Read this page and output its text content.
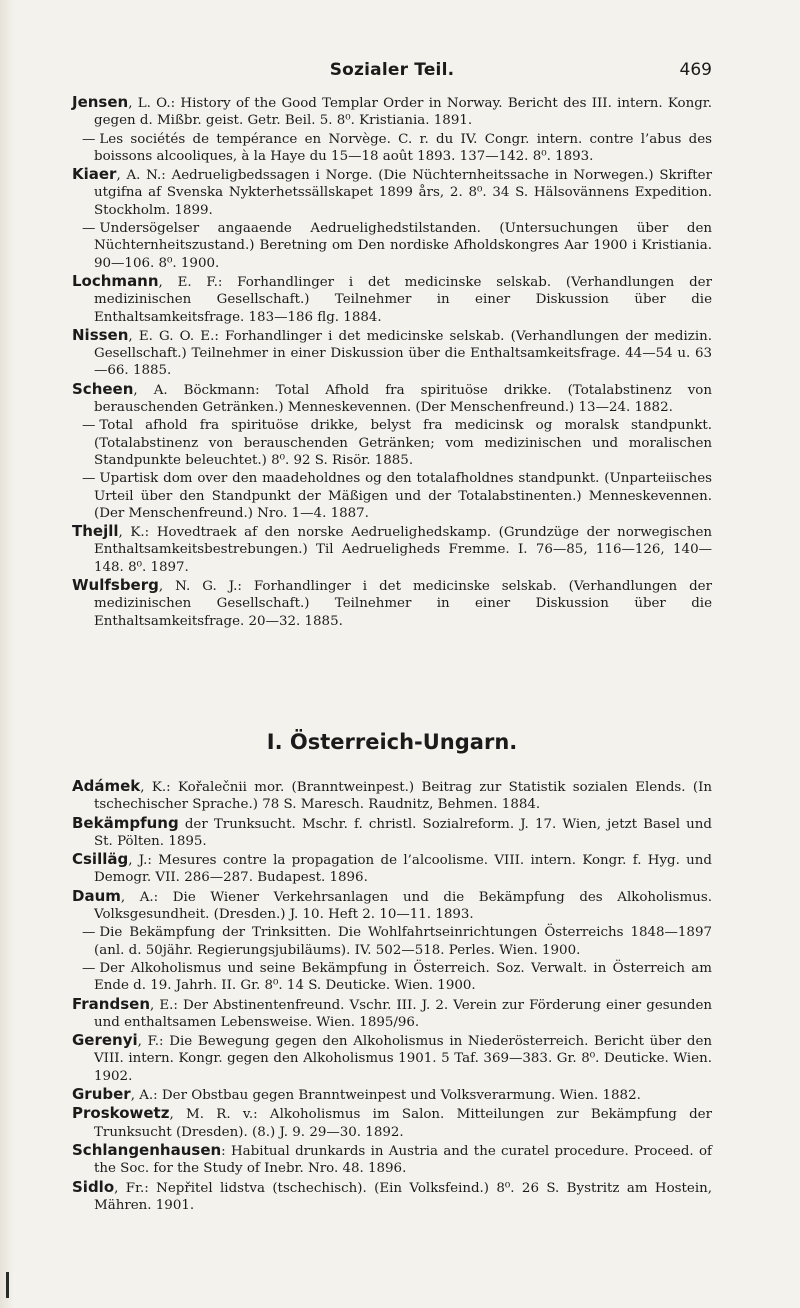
Sozialer Teil.	469

Jensen, L. O.: History of the Good Templar Order in Norway. Bericht des III. intern. Kongr. gegen d. Mißbr. geist. Getr. Beil. 5. 8⁰. Kristiania. 1891.

— Les sociétés de tempérance en Norvège. C. r. du IV. Congr. intern. contre l’abus des boissons alcooliques, à la Haye du 15—18 août 1893. 137—142. 8⁰. 1893.

Kiaer, A. N.: Aedrueligbedssagen i Norge. (Die Nüchternheitssache in Norwegen.) Skrifter utgifna af Svenska Nykterhetssällskapet 1899 års, 2. 8⁰. 34 S. Hälsovännens Expedition. Stockholm. 1899.

— Undersögelser angaaende Aedruelighedstilstanden. (Untersuchungen über den Nüchternheitszustand.) Beretning om Den nordiske Afholdskongres Aar 1900 i Kristiania. 90—106. 8⁰. 1900.

Lochmann, E. F.: Forhandlinger i det medicinske selskab. (Verhandlungen der medizinischen Gesellschaft.) Teilnehmer in einer Diskussion über die Enthaltsamkeitsfrage. 183—186 flg. 1884.

Nissen, E. G. O. E.: Forhandlinger i det medicinske selskab. (Verhandlungen der medizin. Gesellschaft.) Teilnehmer in einer Diskussion über die Enthaltsamkeitsfrage. 44—54 u. 63—66. 1885.

Scheen, A. Böckmann: Total Afhold fra spirituöse drikke. (Totalabstinenz von berauschenden Getränken.) Menneskevennen. (Der Menschenfreund.) 13—24. 1882.

— Total afhold fra spirituöse drikke, belyst fra medicinsk og moralsk standpunkt. (Totalabstinenz von berauschenden Getränken; vom medizinischen und moralischen Standpunkte beleuchtet.) 8⁰. 92 S. Risör. 1885.

— Upartisk dom over den maadeholdnes og den totalafholdnes standpunkt. (Unparteiisches Urteil über den Standpunkt der Mäßigen und der Totalabstinenten.) Menneskevennen. (Der Menschenfreund.) Nro. 1—4. 1887.

Thejll, K.: Hovedtraek af den norske Aedruelighedskamp. (Grundzüge der norwegischen Enthaltsamkeitsbestrebungen.) Til Aedrueligheds Fremme. I. 76—85, 116—126, 140—148. 8⁰. 1897.

Wulfsberg, N. G. J.: Forhandlinger i det medicinske selskab. (Verhandlungen der medizinischen Gesellschaft.) Teilnehmer in einer Diskussion über die Enthaltsamkeitsfrage. 20—32. 1885.

I. Österreich-Ungarn.

Adámek, K.: Kořalečnii mor. (Branntweinpest.) Beitrag zur Statistik sozialen Elends. (In tschechischer Sprache.) 78 S. Maresch. Raudnitz, Behmen. 1884.

Bekämpfung der Trunksucht. Mschr. f. christl. Sozialreform. J. 17. Wien, jetzt Basel und St. Pölten. 1895.

Csilläg, J.: Mesures contre la propagation de l’alcoolisme. VIII. intern. Kongr. f. Hyg. und Demogr. VII. 286—287. Budapest. 1896.

Daum, A.: Die Wiener Verkehrsanlagen und die Bekämpfung des Alkoholismus. Volksgesundheit. (Dresden.) J. 10. Heft 2. 10—11. 1893.

— Die Bekämpfung der Trinksitten. Die Wohlfahrtseinrichtungen Österreichs 1848—1897 (anl. d. 50jähr. Regierungsjubiläums). IV. 502—518. Perles. Wien. 1900.

— Der Alkoholismus und seine Bekämpfung in Österreich. Soz. Verwalt. in Österreich am Ende d. 19. Jahrh. II. Gr. 8⁰. 14 S. Deuticke. Wien. 1900.

Frandsen, E.: Der Abstinentenfreund. Vschr. III. J. 2. Verein zur Förderung einer gesunden und enthaltsamen Lebensweise. Wien. 1895/96.

Gerenyi, F.: Die Bewegung gegen den Alkoholismus in Niederösterreich. Bericht über den VIII. intern. Kongr. gegen den Alkoholismus 1901. 5 Taf. 369—383. Gr. 8⁰. Deuticke. Wien. 1902.

Gruber, A.: Der Obstbau gegen Branntweinpest und Volksverarmung. Wien. 1882.

Proskowetz, M. R. v.: Alkoholismus im Salon. Mitteilungen zur Bekämpfung der Trunksucht (Dresden). (8.) J. 9. 29—30. 1892.

Schlangenhausen: Habitual drunkards in Austria and the curatel procedure. Proceed. of the Soc. for the Study of Inebr. Nro. 48. 1896.

Sidlo, Fr.: Nepřitel lidstva (tschechisch). (Ein Volksfeind.) 8⁰. 26 S. Bystritz am Hostein, Mähren. 1901.
